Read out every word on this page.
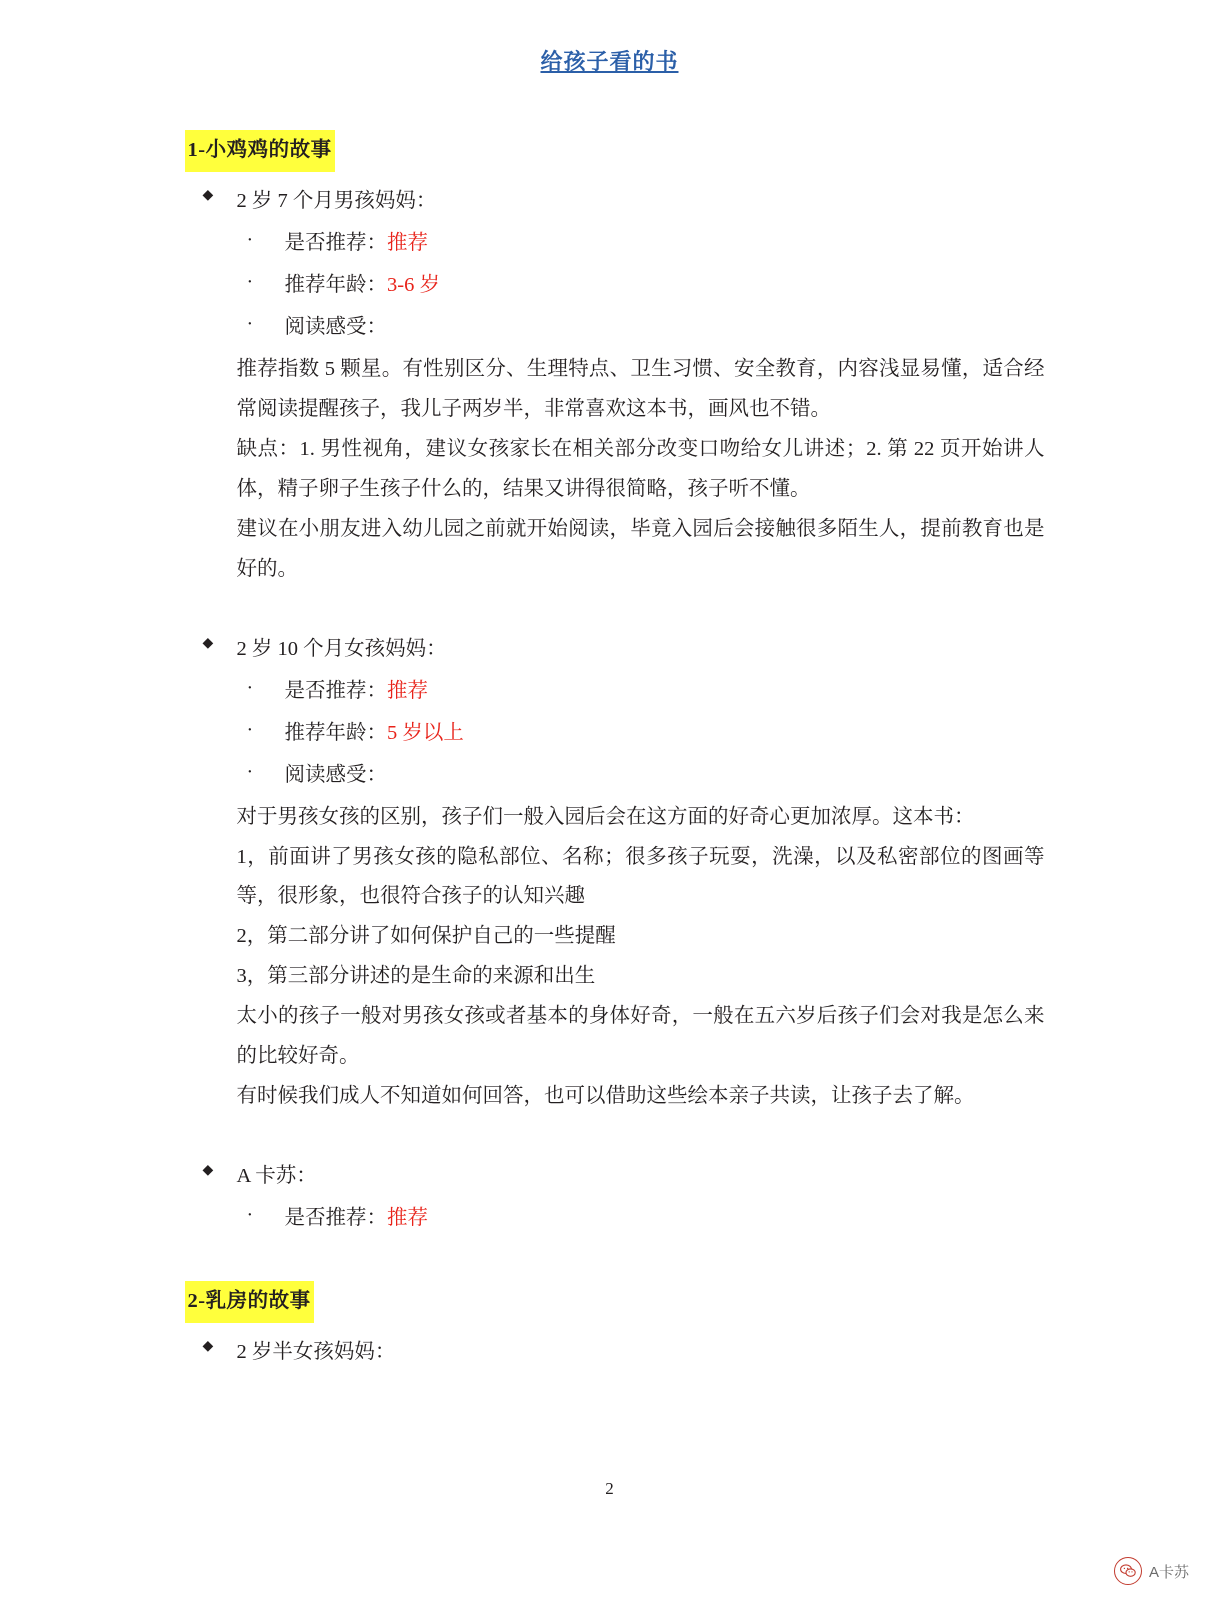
给孩子看的书
1-小鸡鸡的故事
◆ 2 岁 7 个月男孩妈妈：
· 是否推荐：推荐
· 推荐年龄：3-6 岁
· 阅读感受：

推荐指数 5 颗星。有性别区分、生理特点、卫生习惯、安全教育，内容浅显易懂，适合经常阅读提醒孩子，我儿子两岁半，非常喜欢这本书，画风也不错。

缺点：1. 男性视角，建议女孩家长在相关部分改变口吻给女儿讲述；2. 第 22 页开始讲人体，精子卵子生孩子什么的，结果又讲得很简略，孩子听不懂。

建议在小朋友进入幼儿园之前就开始阅读，毕竟入园后会接触很多陌生人，提前教育也是好的。

◆ 2 岁 10 个月女孩妈妈：
· 是否推荐：推荐
· 推荐年龄：5 岁以上
· 阅读感受：

对于男孩女孩的区别，孩子们一般入园后会在这方面的好奇心更加浓厚。这本书：

1，前面讲了男孩女孩的隐私部位、名称；很多孩子玩耍，洗澡，以及私密部位的图画等等，很形象，也很符合孩子的认知兴趣

2，第二部分讲了如何保护自己的一些提醒

3，第三部分讲述的是生命的来源和出生

太小的孩子一般对男孩女孩或者基本的身体好奇，一般在五六岁后孩子们会对我是怎么来的比较好奇。

有时候我们成人不知道如何回答，也可以借助这些绘本亲子共读，让孩子去了解。

◆ A 卡苏：
· 是否推荐：推荐
2-乳房的故事
◆ 2 岁半女孩妈妈：
2
A卡苏
